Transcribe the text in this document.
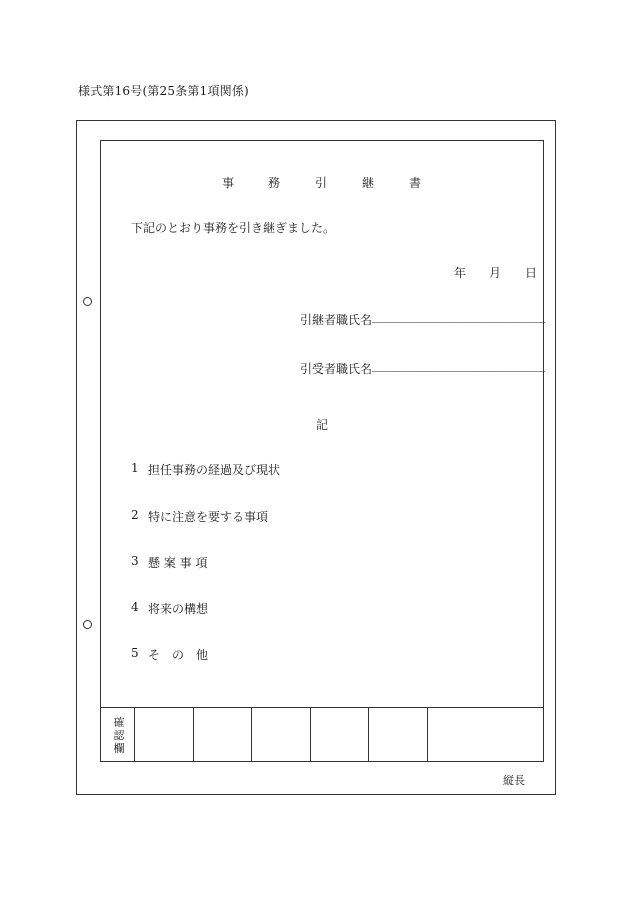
様式第16号(第25条第1項関係)
事	務	引	継	書
下記のとおり事務を引き継ぎました。
年 月 日
引継者職氏名 ________________________
引受者職氏名 ________________________
記
1 担任事務の経過及び現状
2 特に注意を要する事項
3 懸 案 事 項
4 将来の構想
5 そ　の　他
確
認
欄
縦長
